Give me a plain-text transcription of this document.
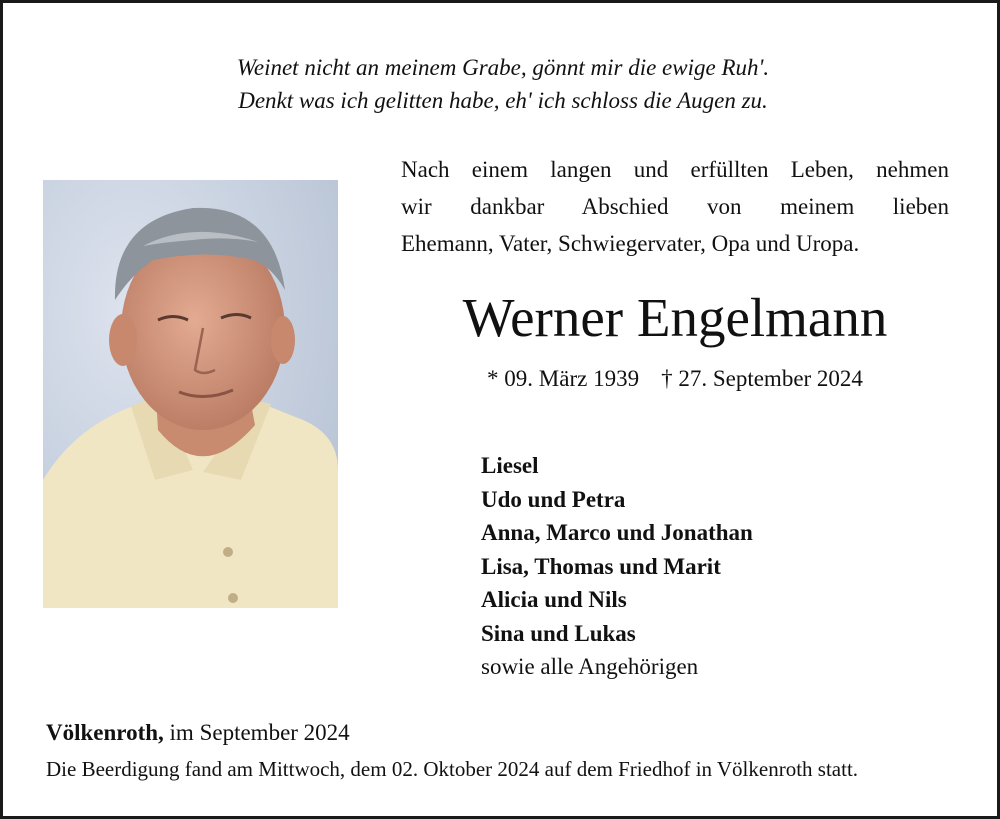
Weinet nicht an meinem Grabe, gönnt mir die ewige Ruh'.
Denkt was ich gelitten habe, eh' ich schloss die Augen zu.
Nach einem langen und erfüllten Leben, nehmen
wir dankbar Abschied von meinem lieben
Ehemann, Vater, Schwiegervater, Opa und Uropa.
Werner Engelmann
* 09. März 1939 † 27. September 2024
Liesel
Udo und Petra
Anna, Marco und Jonathan
Lisa, Thomas und Marit
Alicia und Nils
Sina und Lukas
sowie alle Angehörigen
Völkenroth, im September 2024
Die Beerdigung fand am Mittwoch, dem 02. Oktober 2024 auf dem Friedhof in Völkenroth statt.
